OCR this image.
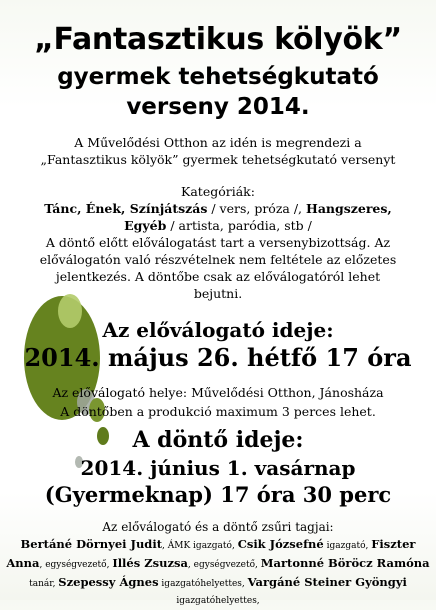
„Fantasztikus kölyök”
gyermek tehetségkutató
verseny 2014.
A Művelődési Otthon az idén is megrendezi a
„Fantasztikus kölyök” gyermek tehetségkutató versenyt
Kategóriák:
Tánc, Ének, Színjátszás / vers, próza /, Hangszeres,
Egyéb / artista, paródia, stb /
A döntő előtt előválogatást tart a versenybizottság. Az
előválogatón való részvételnek nem feltétele az előzetes
jelentkezés. A döntőbe csak az előválogatóról lehet
bejutni.
Az előválogató ideje:
2014. május 26. hétfő 17 óra
Az előválogató helye: Művelődési Otthon, Jánosháza
A döntőben a produkció maximum 3 perces lehet.
A döntő ideje:
2014. június 1. vasárnap
(Gyermeknap) 17 óra 30 perc
Az előválogató és a döntő zsűri tagjai:
Bertáné Dörnyei Judit, ÁMK igazgató, Csik Józsefné igazgató, Fiszter
Anna, egységvezető, Illés Zsuzsa, egységvezető, Martonné Böröcz Ramóna
tanár, Szepessy Ágnes igazgatóhelyettes, Vargáné Steiner Gyöngyi
igazgatóhelyettes,
